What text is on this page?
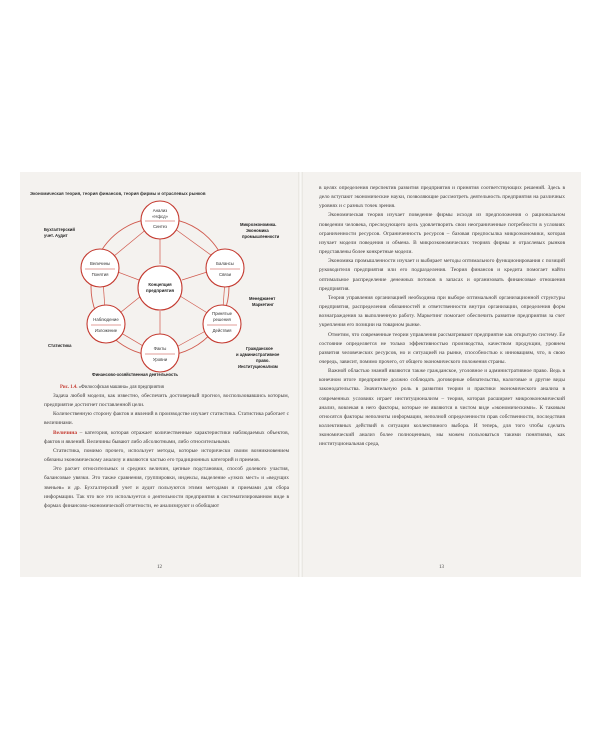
Экономическая теория, теория финансов, теория фирмы и отраслевых рынков
Анализ
«Нфсд»
Синтез
Величины
Понятия
Балансы
Связи
Концепция
предприятия
Наблюдение
Изложение
Принятые
решения
Действия
Факты
Уровни
Бухгалтерский
учет. Аудит
Микроэкономика.
Экономика
промышленности
Менеджмент
Маркетинг
Статистика
Гражданское
и административное
право.
Институционализм
Финансово-хозяйственная деятельность
Рис. 1.4. «Философская машина» для предприятия

Задача любой модели, как известно, обеспечить достоверный прогноз, воспользовавшись которым, предприятие достигнет поставленной цели.

Количественную сторону фактов и явлений в производстве изучает статистика. Статистика работает с величинами.

Величина – категория, которая отражает количественные характеристики наблюдаемых объектов, фактов и явлений. Величины бывают либо абсолютными, либо относительными.

Статистика, помимо прочего, использует методы, которые исторически своим возникновением обязаны экономическому анализу и являются частью его традиционных категорий и приемов.

Это расчет относительных и средних величин, цепные подстановки, способ долевого участия, балансовые увязки. Это также сравнения, группировки, индексы, выделение «узких мест» и «ведущих звеньев» и др. Бухгалтерский учет и аудит пользуются этими методами и приемами для сбора информации. Так что все это используется о деятельности предприятия в систематизированном виде в формах финансово-экономической отчетности, ее анализируют и обобщают

12

в целях определения перспектив развития предприятия и принятия соответствующих решений. Здесь в дело вступают экономические науки, позволяющие рассмотреть деятельность предприятия на различных уровнях и с разных точек зрения.

Экономическая теория изучает поведение фирмы исходя из предположения о рациональном поведении человека, преследующего цель удовлетворить свои неограниченные потребности в условиях ограниченности ресурсов. Ограниченность ресурсов – базовая предпосылка микроэкономики, которая изучает модели поведения и обмена. В микроэкономических теориях фирмы и отраслевых рынков представлены более конкретные модели.

Экономика промышленности изучает и выбирает методы оптимального функционирования с позиций руководителя предприятия или его подразделения. Теория финансов и кредита помогает найти оптимальное распределение денежных потоков в запасах и организовать финансовые отношения предприятия.

Теория управления организацией необходима при выборе оптимальной организационной структуры предприятия, распределения обязанностей и ответственности внутри организации, определения форм вознаграждения за выполненную работу. Маркетинг помогает обеспечить развитие предприятия за счет укрепления его позиции на товарном рынке.

Отметим, что современные теории управления рассматривают предприятие как открытую систему. Ее состояние определяется не только эффективностью производства, качеством продукции, уровнем развития человеческих ресурсов, но и ситуацией на рынке, способностью к инновациям, что, в свою очередь, зависит, помимо прочего, от общего экономического положения страны.

Важной областью знаний являются также гражданское, уголовное и административное право. Ведь в конечном итоге предприятие должно соблюдать договорные обязательства, налоговые и другие виды законодательства. Значительную роль в развитии теории и практики экономического анализа в современных условиях играет институционализм – теория, которая расширяет микроэкономический анализ, вовлекая в него факторы, которые не являются в чистом виде «экономическими». К таковым относятся факторы неполноты информации, неполной определенности прав собственности, последствия коллективных действий в ситуации коллективного выбора. И теперь, для того чтобы сделать экономический анализ более полноценным, мы можем пользоваться такими понятиями, как институциональная среда,

13
